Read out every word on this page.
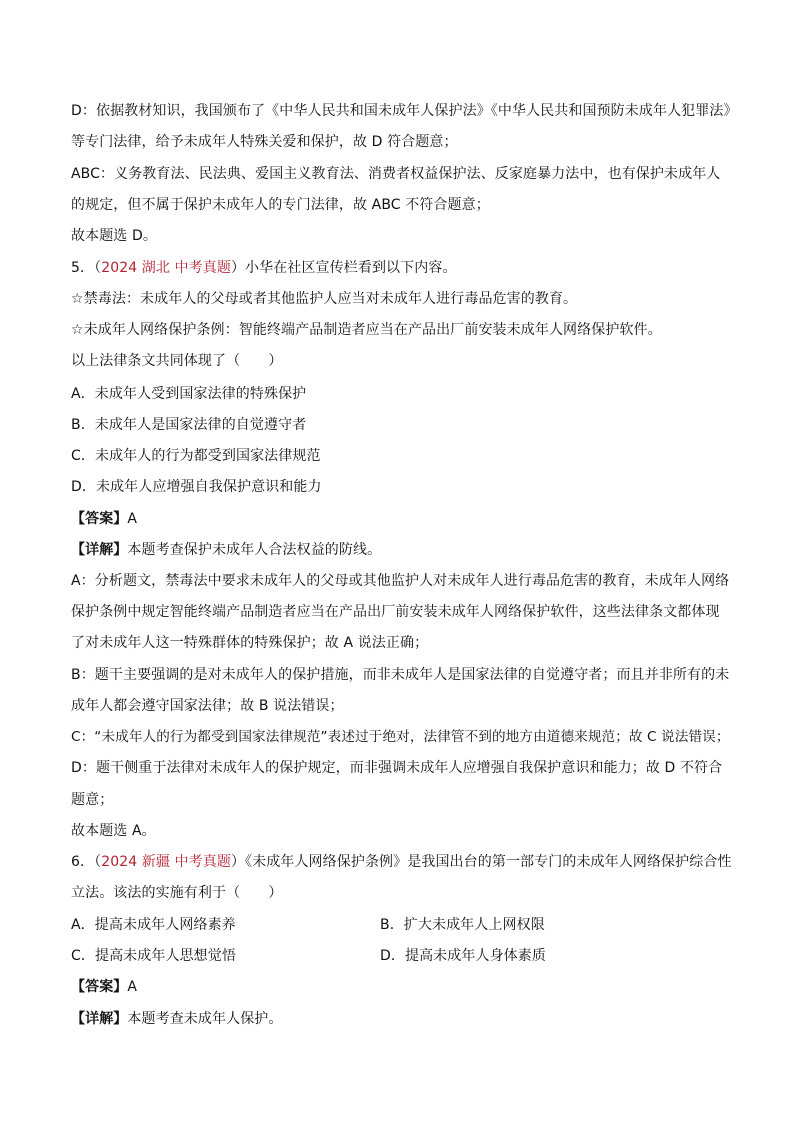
D：依据教材知识，我国颁布了《中华人民共和国未成年人保护法》《中华人民共和国预防未成年人犯罪法》
等专门法律，给予未成年人特殊关爱和保护，故 D 符合题意；
ABC：义务教育法、民法典、爱国主义教育法、消费者权益保护法、反家庭暴力法中，也有保护未成年人
的规定，但不属于保护未成年人的专门法律，故 ABC 不符合题意；
故本题选 D。
5．（2024 湖北 中考真题）小华在社区宣传栏看到以下内容。
☆禁毒法：未成年人的父母或者其他监护人应当对未成年人进行毒品危害的教育。
☆未成年人网络保护条例：智能终端产品制造者应当在产品出厂前安装未成年人网络保护软件。
以上法律条文共同体现了（　　）
A．未成年人受到国家法律的特殊保护
B．未成年人是国家法律的自觉遵守者
C．未成年人的行为都受到国家法律规范
D．未成年人应增强自我保护意识和能力
【答案】A
【详解】本题考查保护未成年人合法权益的防线。
A：分析题文，禁毒法中要求未成年人的父母或其他监护人对未成年人进行毒品危害的教育，未成年人网络
保护条例中规定智能终端产品制造者应当在产品出厂前安装未成年人网络保护软件，这些法律条文都体现
了对未成年人这一特殊群体的特殊保护；故 A 说法正确；
B：题干主要强调的是对未成年人的保护措施，而非未成年人是国家法律的自觉遵守者；而且并非所有的未
成年人都会遵守国家法律；故 B 说法错误；
C：“未成年人的行为都受到国家法律规范”表述过于绝对，法律管不到的地方由道德来规范；故 C 说法错误；
D：题干侧重于法律对未成年人的保护规定，而非强调未成年人应增强自我保护意识和能力；故 D 不符合
题意；
故本题选 A。
6．（2024 新疆 中考真题）《未成年人网络保护条例》是我国出台的第一部专门的未成年人网络保护综合性
立法。该法的实施有利于（　　）
A．提高未成年人网络素养	B．扩大未成年人上网权限
C．提高未成年人思想觉悟	D．提高未成年人身体素质
【答案】A
【详解】本题考查未成年人保护。
